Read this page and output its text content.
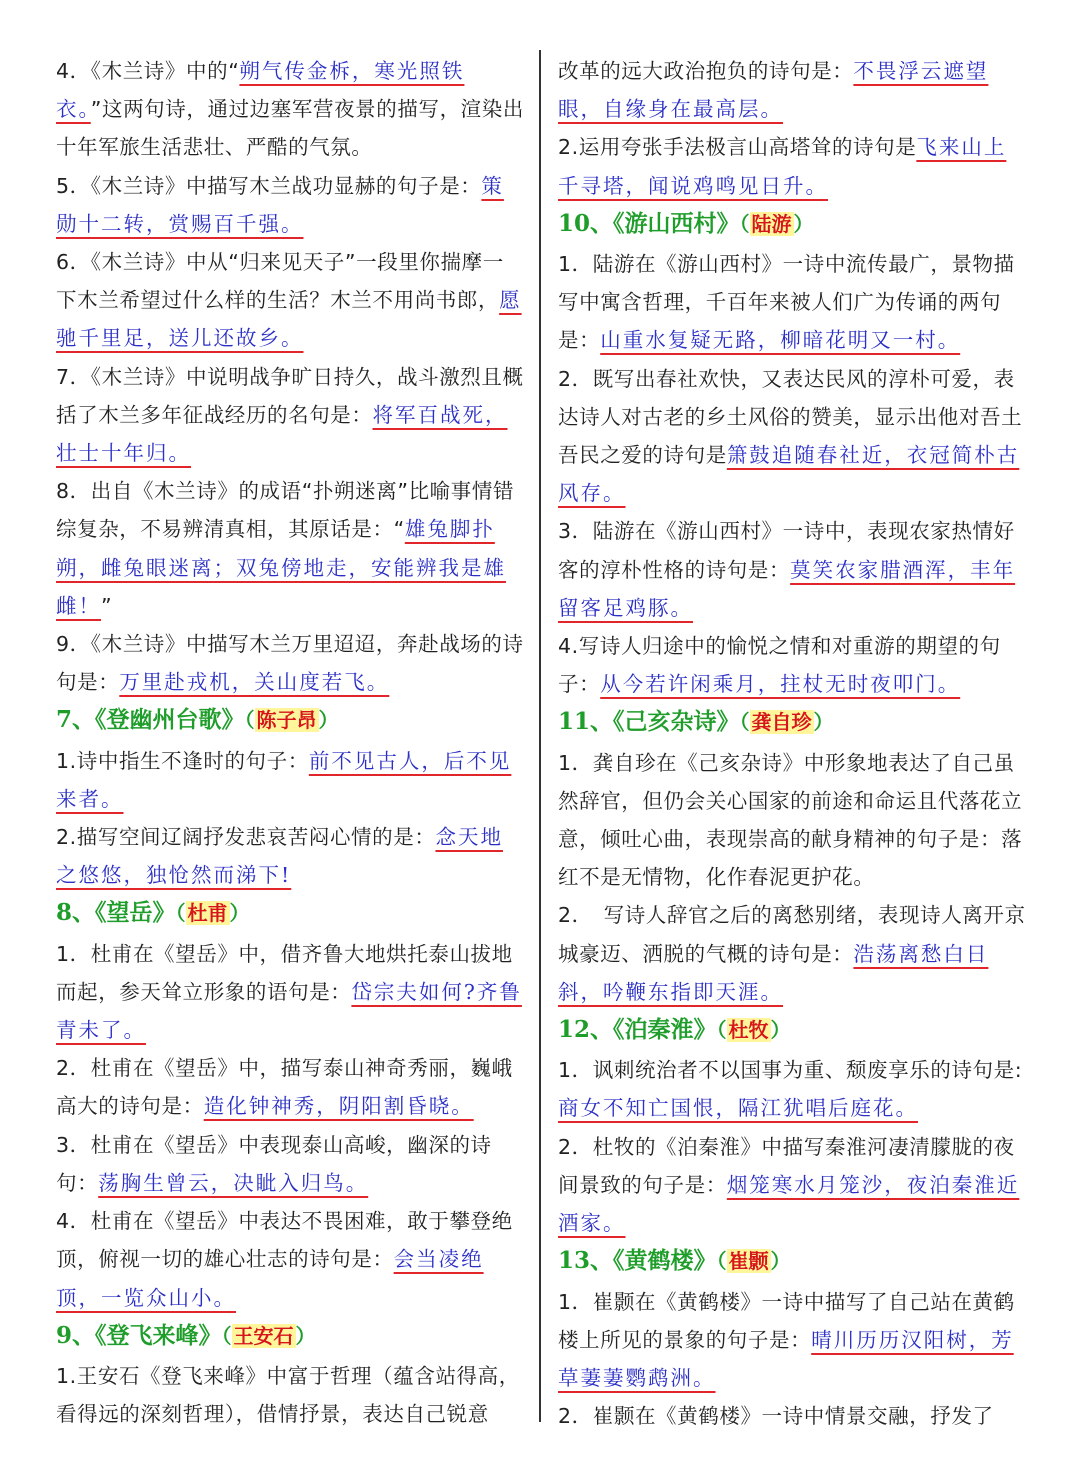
4．《木兰诗》中的“朔气传金柝，寒光照铁衣。”这两句诗，通过边塞军营夜景的描写，渲染出十年军旅生活悲壮、严酷的气氛。
5．《木兰诗》中描写木兰战功显赫的句子是：策勋十二转，赏赐百千强。
6．《木兰诗》中从“归来见天子”一段里你揣摩一下木兰希望过什么样的生活？木兰不用尚书郎，愿驰千里足，送儿还故乡。
7．《木兰诗》中说明战争旷日持久，战斗激烈且概括了木兰多年征战经历的名句是：将军百战死，壮士十年归。
8．出自《木兰诗》的成语“扑朔迷离”比喻事情错综复杂，不易辨清真相，其原话是：“雄兔脚扑朔，雌兔眼迷离；双兔傍地走，安能辨我是雄雌！”
9．《木兰诗》中描写木兰万里迢迢，奔赴战场的诗句是：万里赴戎机，关山度若飞。
7、《登幽州台歌》（ 陈子昂 ）
1.诗中指生不逢时的句子：前不见古人，后不见来者。
2.描写空间辽阔抒发悲哀苦闷心情的是：念天地之悠悠，独怆然而涕下!
8、《望岳》（ 杜甫 ）
1．杜甫在《望岳》中，借齐鲁大地烘托泰山拔地而起，参天耸立形象的语句是：岱宗夫如何?齐鲁青未了。
2．杜甫在《望岳》中，描写泰山神奇秀丽，巍峨高大的诗句是：造化钟神秀，阴阳割昏晓。
3．杜甫在《望岳》中表现泰山高峻，幽深的诗句：荡胸生曾云，决眦入归鸟。
4．杜甫在《望岳》中表达不畏困难，敢于攀登绝顶，俯视一切的雄心壮志的诗句是：会当凌绝顶，一览众山小。
9、《登飞来峰》（ 王安石 ）
1.王安石《登飞来峰》中富于哲理（蕴含站得高，看得远的深刻哲理），借情抒景，表达自己锐意
改革的远大政治抱负的诗句是：不畏浮云遮望眼，自缘身在最高层。
2.运用夸张手法极言山高塔耸的诗句是飞来山上千寻塔，闻说鸡鸣见日升。
10、《游山西村》（ 陆游 ）
1．陆游在《游山西村》一诗中流传最广，景物描写中寓含哲理，千百年来被人们广为传诵的两句是：山重水复疑无路，柳暗花明又一村。
2．既写出春社欢快，又表达民风的淳朴可爱，表达诗人对古老的乡土风俗的赞美，显示出他对吾土吾民之爱的诗句是箫鼓追随春社近，衣冠简朴古风存。
3．陆游在《游山西村》一诗中，表现农家热情好客的淳朴性格的诗句是：莫笑农家腊酒浑，丰年留客足鸡豚。
4.写诗人归途中的愉悦之情和对重游的期望的句子：从今若许闲乘月，拄杖无时夜叩门。
11、《己亥杂诗》（ 龚自珍 ）
1．龚自珍在《己亥杂诗》中形象地表达了自己虽然辞官，但仍会关心国家的前途和命运且代落花立意，倾吐心曲，表现崇高的献身精神的句子是：落红不是无情物，化作春泥更护花。
2．　写诗人辞官之后的离愁别绪，表现诗人离开京城豪迈、洒脱的气概的诗句是：浩荡离愁白日斜，吟鞭东指即天涯。
12、《泊秦淮》（ 杜牧 ）
1．讽刺统治者不以国事为重、颓废享乐的诗句是:商女不知亡国恨，隔江犹唱后庭花。
2．杜牧的《泊秦淮》中描写秦淮河凄清朦胧的夜间景致的句子是：烟笼寒水月笼沙，夜泊秦淮近酒家。
13、《黄鹤楼》（ 崔颢 ）
1．崔颢在《黄鹤楼》一诗中描写了自己站在黄鹤楼上所见的景象的句子是：晴川历历汉阳树，芳草萋萋鹦鹉洲。
2．崔颢在《黄鹤楼》一诗中情景交融，抒发了
